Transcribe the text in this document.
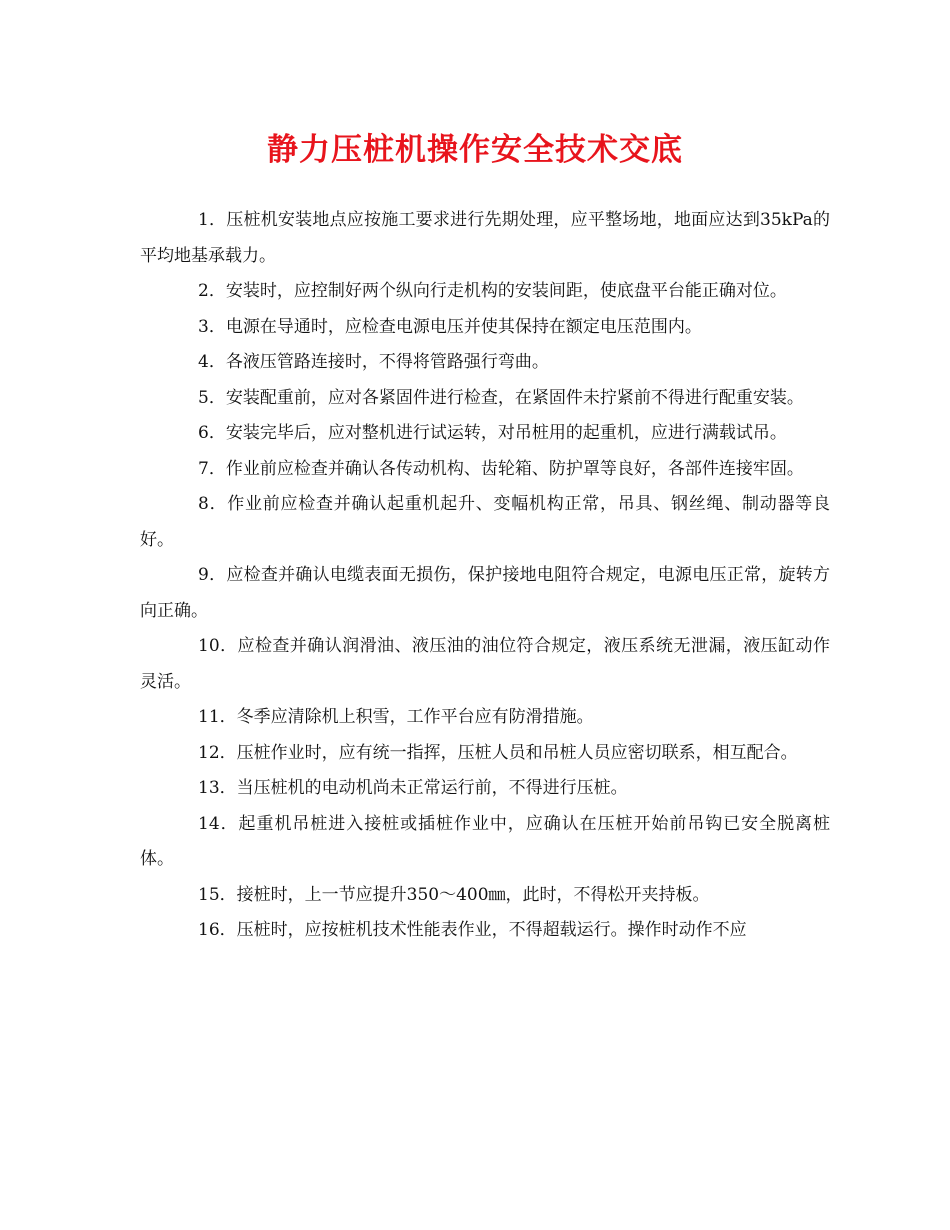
静力压桩机操作安全技术交底

1．压桩机安装地点应按施工要求进行先期处理，应平整场地，地面应达到35kPa的平均地基承载力。

2．安装时，应控制好两个纵向行走机构的安装间距，使底盘平台能正确对位。

3．电源在导通时，应检查电源电压并使其保持在额定电压范围内。

4．各液压管路连接时，不得将管路强行弯曲。

5．安装配重前，应对各紧固件进行检查，在紧固件未拧紧前不得进行配重安装。

6．安装完毕后，应对整机进行试运转，对吊桩用的起重机，应进行满载试吊。

7．作业前应检查并确认各传动机构、齿轮箱、防护罩等良好，各部件连接牢固。

8．作业前应检查并确认起重机起升、变幅机构正常，吊具、钢丝绳、制动器等良好。

9．应检查并确认电缆表面无损伤，保护接地电阻符合规定，电源电压正常，旋转方向正确。

10．应检查并确认润滑油、液压油的油位符合规定，液压系统无泄漏，液压缸动作灵活。

11．冬季应清除机上积雪，工作平台应有防滑措施。

12．压桩作业时，应有统一指挥，压桩人员和吊桩人员应密切联系，相互配合。

13．当压桩机的电动机尚未正常运行前，不得进行压桩。

14．起重机吊桩进入接桩或插桩作业中，应确认在压桩开始前吊钩已安全脱离桩体。

15．接桩时，上一节应提升350～400㎜，此时，不得松开夹持板。

16．压桩时，应按桩机技术性能表作业，不得超载运行。操作时动作不应
